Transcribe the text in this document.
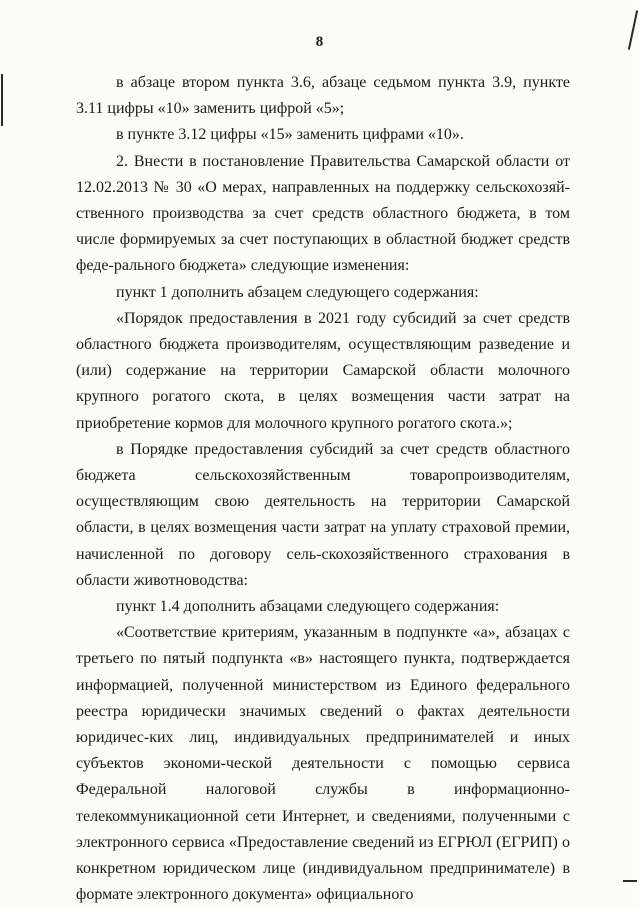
8

в абзаце втором пункта 3.6, абзаце седьмом пункта 3.9, пункте 3.11 цифры «10» заменить цифрой «5»;

в пункте 3.12 цифры «15» заменить цифрами «10».

2. Внести в постановление Правительства Самарской области от 12.02.2013 № 30 «О мерах, направленных на поддержку сельскохозяй-ственного производства за счет средств областного бюджета, в том числе формируемых за счет поступающих в областной бюджет средств феде-рального бюджета» следующие изменения:

пункт 1 дополнить абзацем следующего содержания:

«Порядок предоставления в 2021 году субсидий за счет средств областного бюджета производителям, осуществляющим разведение и (или) содержание на территории Самарской области молочного крупного рогатого скота, в целях возмещения части затрат на приобретение кормов для молочного крупного рогатого скота.»;

в Порядке предоставления субсидий за счет средств областного бюджета сельскохозяйственным товаропроизводителям, осуществляющим свою деятельность на территории Самарской области, в целях возмещения части затрат на уплату страховой премии, начисленной по договору сель-скохозяйственного страхования в области животноводства:

пункт 1.4 дополнить абзацами следующего содержания:

«Соответствие критериям, указанным в подпункте «а», абзацах с третьего по пятый подпункта «в» настоящего пункта, подтверждается информацией, полученной министерством из Единого федерального реестра юридически значимых сведений о фактах деятельности юридичес-ких лиц, индивидуальных предпринимателей и иных субъектов экономи-ческой деятельности с помощью сервиса Федеральной налоговой службы в информационно-телекоммуникационной сети Интернет, и сведениями, полученными с электронного сервиса «Предоставление сведений из ЕГРЮЛ (ЕГРИП) о конкретном юридическом лице (индивидуальном предпринимателе) в формате электронного документа» официального
